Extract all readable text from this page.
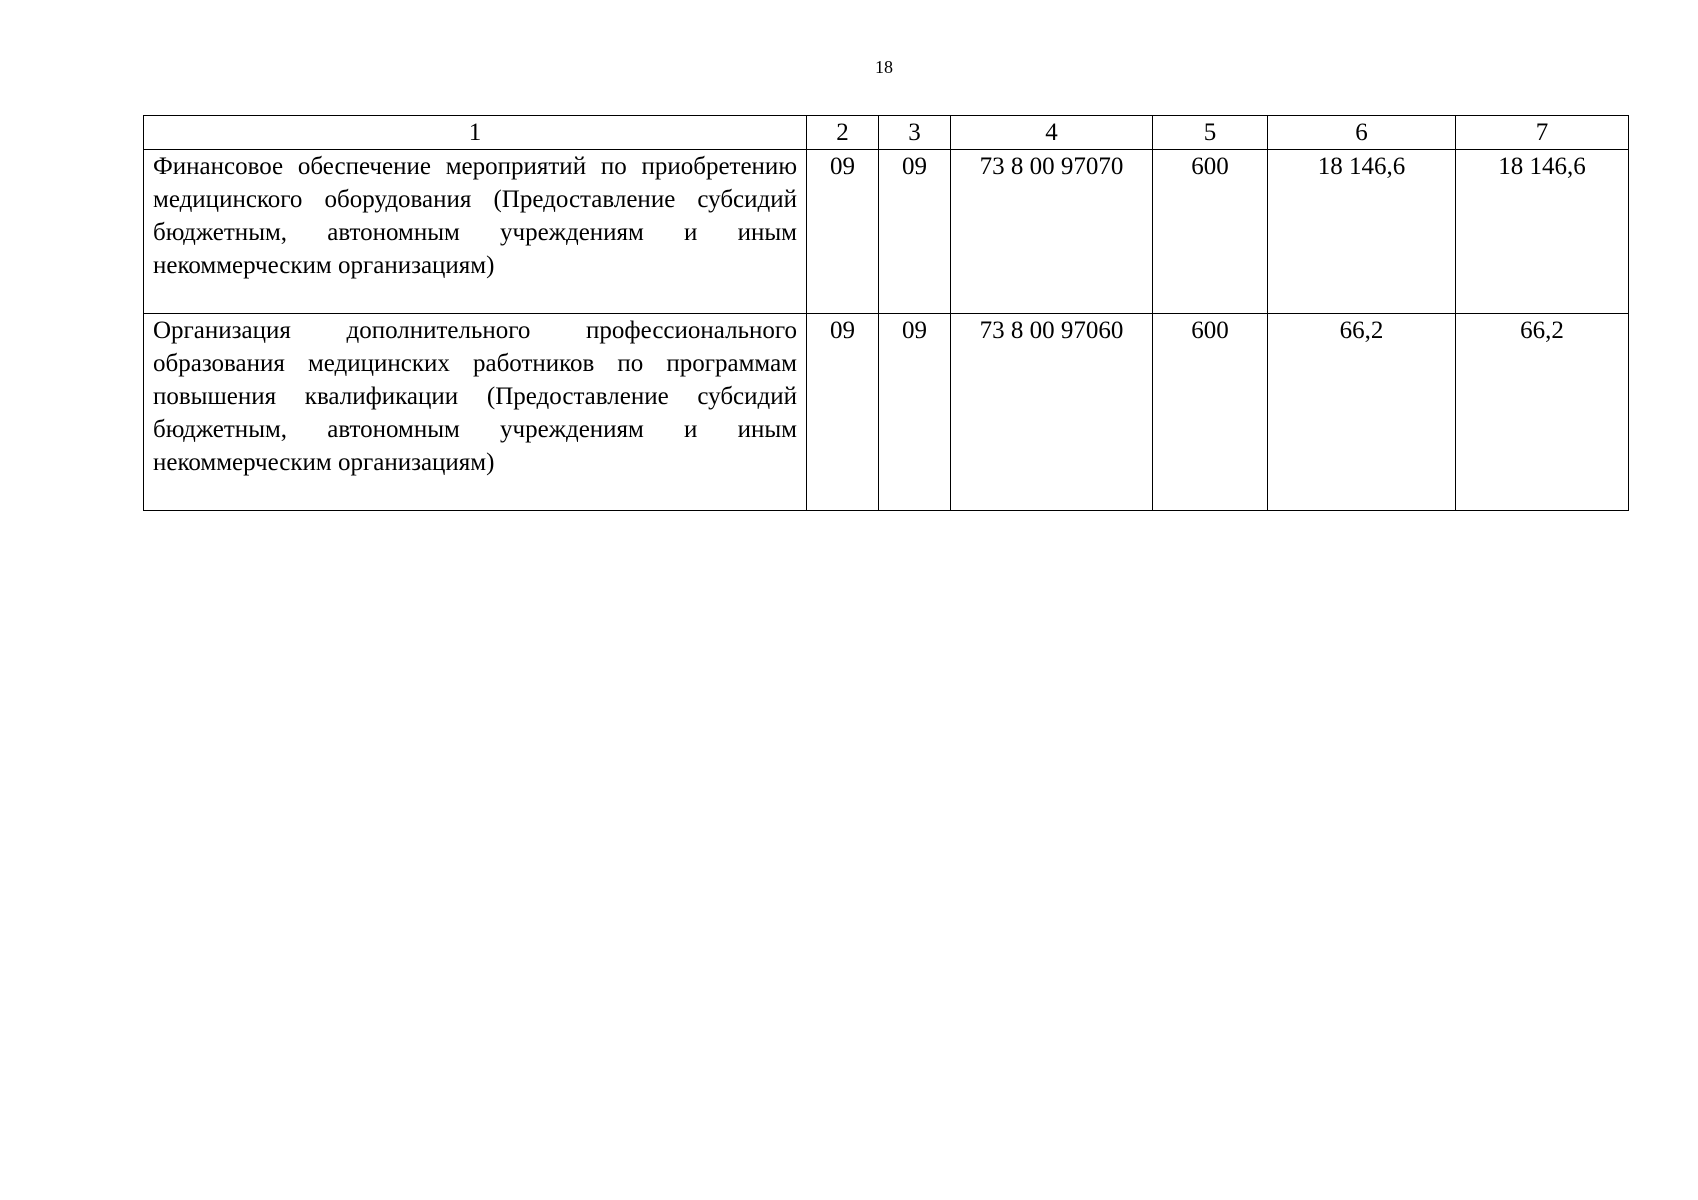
18
1	2	3	4	5	6	7
Финансовое обеспечение мероприятий по приобретению медицинского оборудования (Предоставление субсидий бюджетным, автономным учреждениям и иным некоммерческим организациям)	09	09	73 8 00 97070	600	18 146,6	18 146,6
Организация дополнительного профессионального образования медицинских работников по программам повышения квалификации (Предоставление субсидий бюджетным, автономным учреждениям и иным некоммерческим организациям)	09	09	73 8 00 97060	600	66,2	66,2
